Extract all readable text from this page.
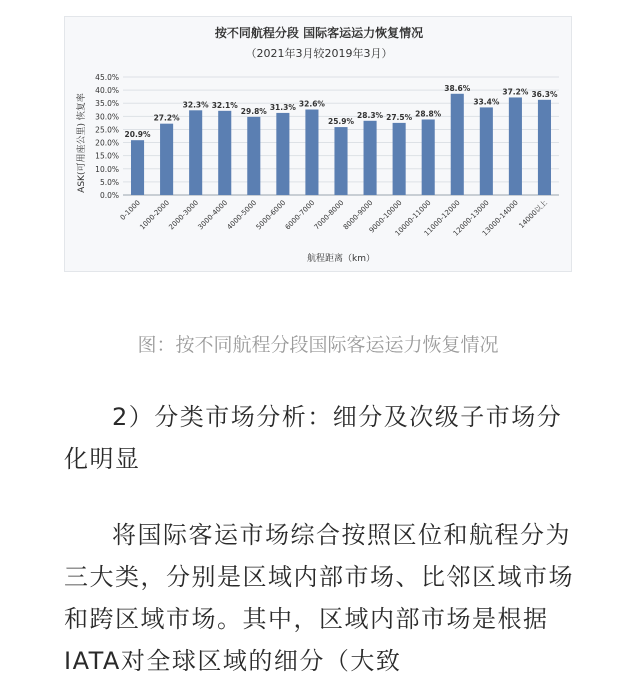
按不同航程分段 国际客运运力恢复情况
（2021年3月较2019年3月）
ASK(可用座公里) 恢复率
航程距离（km）
0.0%
5.0%
10.0%
15.0%
20.0%
25.0%
30.0%
35.0%
40.0%
45.0%
20.9%
0-1000
27.2%
1000-2000
32.3%
2000-3000
32.1%
3000-4000
29.8%
4000-5000
31.3%
5000-6000
32.6%
6000-7000
25.9%
7000-8000
28.3%
8000-9000
27.5%
9000-10000
28.8%
10000-11000
38.6%
11000-12000
33.4%
12000-13000
37.2%
13000-14000
36.3%
14000以上
图：按不同航程分段国际客运运力恢复情况
2）分类市场分析：细分及次级子市场分化明显
将国际客运市场综合按照区位和航程分为三大类，分别是区域内部市场、比邻区域市场和跨区域市场。其中，区域内部市场是根据IATA对全球区域的细分（大致
